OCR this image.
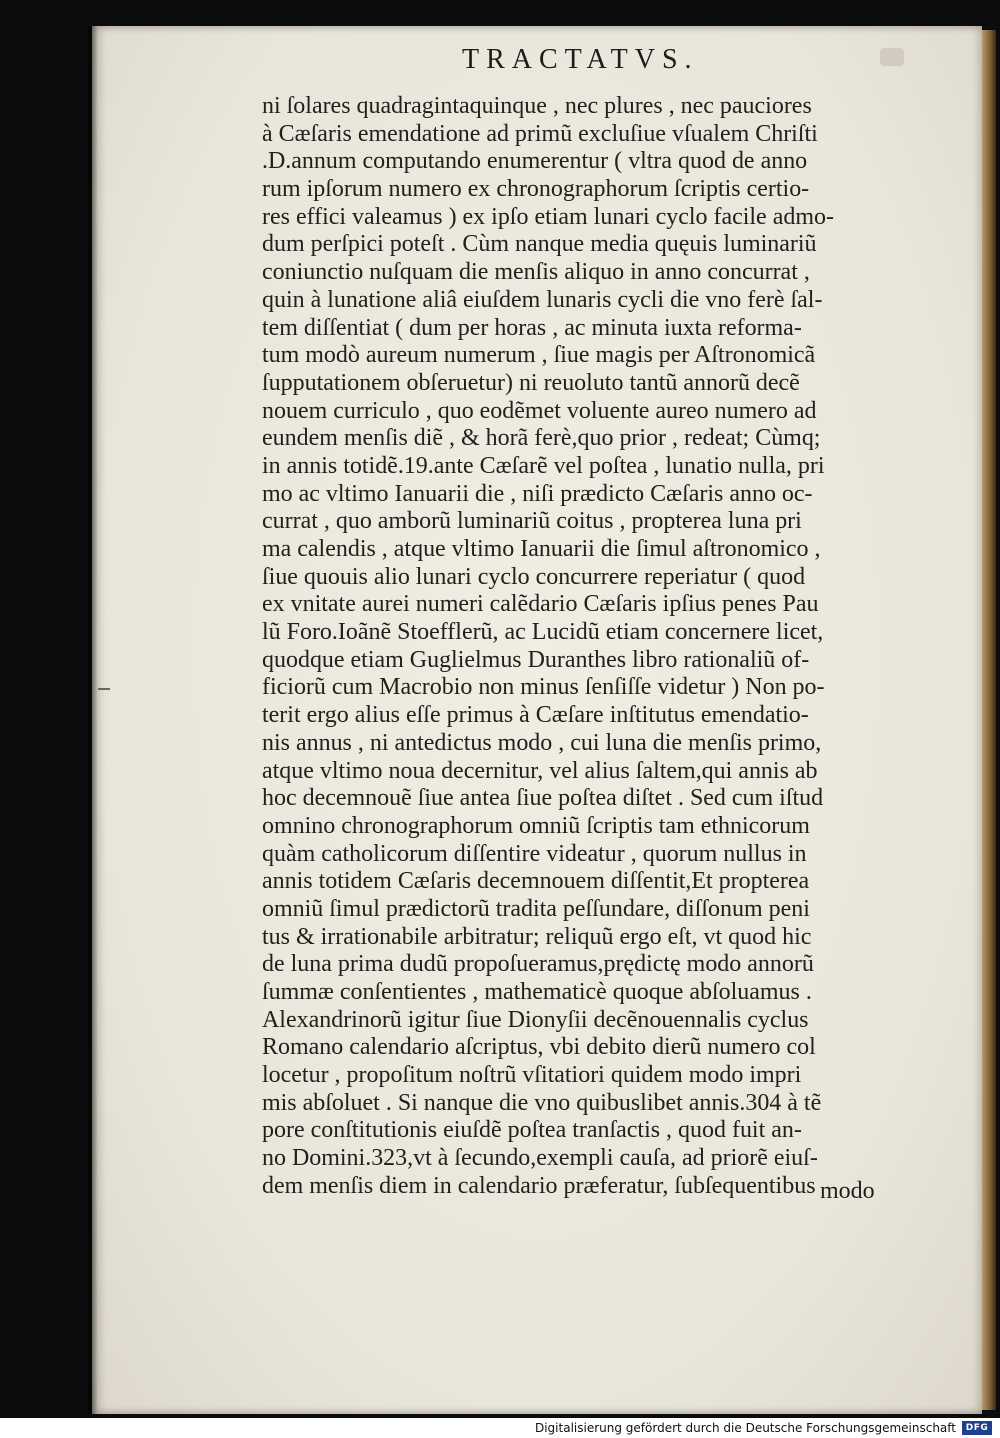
TRACTATVS.
ni ſolares quadragintaquinque , nec plures , nec pauciores
à Cæſaris emendatione ad primũ excluſiue vſualem Chriſti
.D.annum computando enumerentur ( vltra quod de anno
rum ipſorum numero ex chronographorum ſcriptis certio-
res effici valeamus ) ex ipſo etiam lunari cyclo facile admo-
dum perſpici poteſt . Cùm nanque media quęuis luminariũ
coniunctio nuſquam die menſis aliquo in anno concurrat ,
quin à lunatione aliâ eiuſdem lunaris cycli die vno ferè ſal-
tem diſſentiat ( dum per horas , ac minuta iuxta reforma-
tum modò aureum numerum , ſiue magis per Aſtronomicã
ſupputationem obſeruetur) ni reuoluto tantũ annorũ decẽ
nouem curriculo , quo eodẽmet voluente aureo numero ad
eundem menſis diẽ , & horã ferè,quo prior , redeat; Cùmq;
in annis totidẽ.19.ante Cæſarẽ vel poſtea , lunatio nulla, pri
mo ac vltimo Ianuarii die , niſi prædicto Cæſaris anno oc-
currat , quo amborũ luminariũ coitus , propterea luna pri
ma calendis , atque vltimo Ianuarii die ſimul aſtronomico ,
ſiue quouis alio lunari cyclo concurrere reperiatur ( quod
ex vnitate aurei numeri calẽdario Cæſaris ipſius penes Pau
lũ Foro.Ioãnẽ Stoefflerũ, ac Lucidũ etiam concernere licet,
quodque etiam Guglielmus Duranthes libro rationaliũ of-
ficiorũ cum Macrobio non minus ſenſiſſe videtur ) Non po-
terit ergo alius eſſe primus à Cæſare inſtitutus emendatio-
nis annus , ni antedictus modo , cui luna die menſis primo,
atque vltimo noua decernitur, vel alius ſaltem,qui annis ab
hoc decemnouẽ ſiue antea ſiue poſtea diſtet . Sed cum iſtud
omnino chronographorum omniũ ſcriptis tam ethnicorum
quàm catholicorum diſſentire videatur , quorum nullus in
annis totidem Cæſaris decemnouem diſſentit,Et propterea
omniũ ſimul prædictorũ tradita peſſundare, diſſonum peni
tus & irrationabile arbitratur; reliquũ ergo eſt, vt quod hic
de luna prima dudũ propoſueramus,prędictę modo annorũ
ſummæ conſentientes , mathematicè quoque abſoluamus .
Alexandrinorũ igitur ſiue Dionyſii decẽnouennalis cyclus
Romano calendario aſcriptus, vbi debito dierũ numero col
locetur , propoſitum noſtrũ vſitatiori quidem modo impri
mis abſoluet . Si nanque die vno quibuslibet annis.304 à tẽ
pore conſtitutionis eiuſdẽ poſtea tranſactis , quod fuit an-
no Domini.323,vt à ſecundo,exempli cauſa, ad priorẽ eiuſ-
dem menſis diem in calendario præferatur, ſubſequentibus modo
Digitalisierung gefördert durch die Deutsche Forschungsgemeinschaft	DFG
